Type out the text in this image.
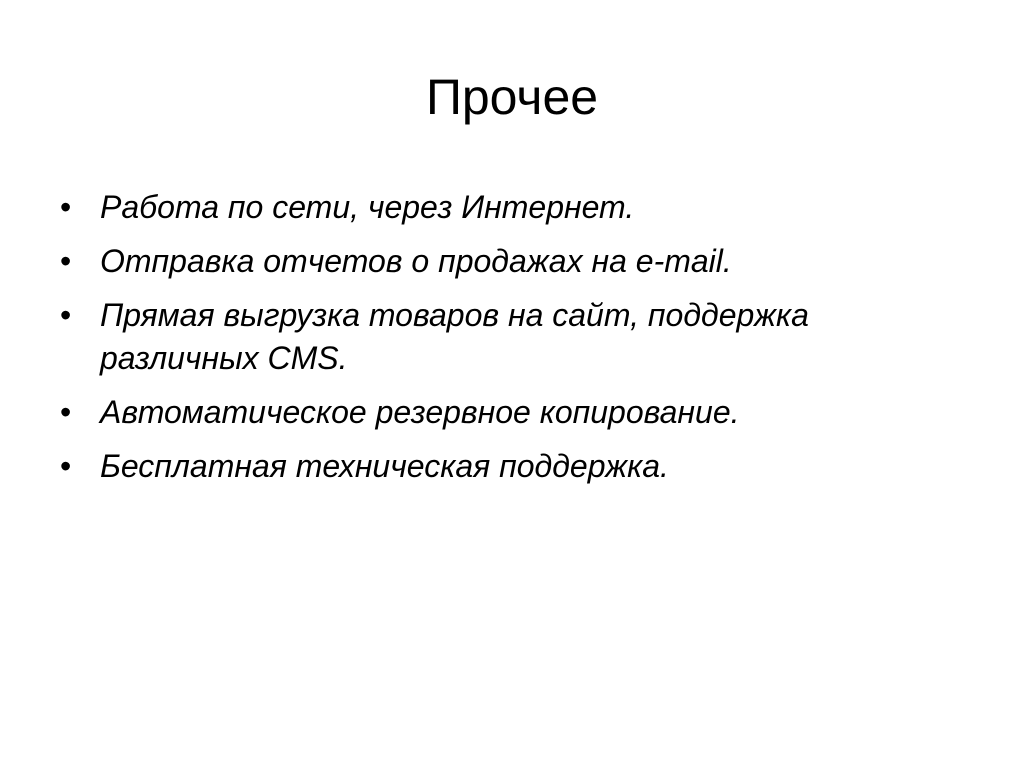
Прочее
• Работа по сети, через Интернет.
• Отправка отчетов о продажах на e-mail.
• Прямая выгрузка товаров на сайт, поддержка различных CMS.
• Автоматическое резервное копирование.
• Бесплатная техническая поддержка.
